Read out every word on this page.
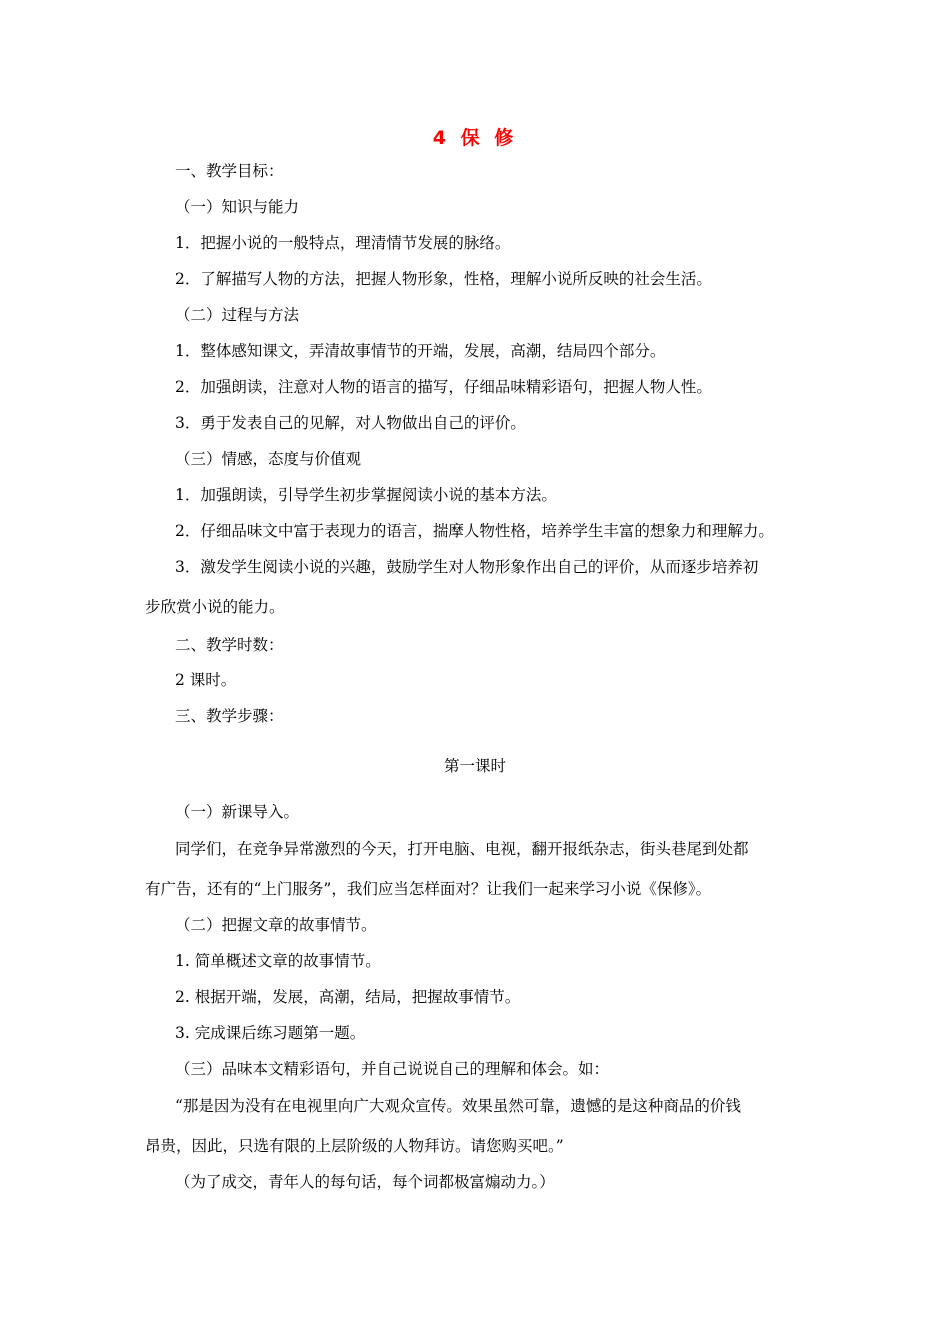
4 保 修
一、教学目标：
（一）知识与能力
1．把握小说的一般特点，理清情节发展的脉络。
2．了解描写人物的方法，把握人物形象，性格，理解小说所反映的社会生活。
（二）过程与方法
1．整体感知课文，弄清故事情节的开端，发展，高潮，结局四个部分。
2．加强朗读，注意对人物的语言的描写，仔细品味精彩语句，把握人物人性。
3．勇于发表自己的见解，对人物做出自己的评价。
（三）情感，态度与价值观
1．加强朗读，引导学生初步掌握阅读小说的基本方法。
2．仔细品味文中富于表现力的语言，揣摩人物性格，培养学生丰富的想象力和理解力。
3．激发学生阅读小说的兴趣，鼓励学生对人物形象作出自己的评价，从而逐步培养初
步欣赏小说的能力。
二、教学时数：
2 课时。
三、教学步骤：
第一课时
（一）新课导入。
同学们，在竞争异常激烈的今天，打开电脑、电视，翻开报纸杂志，街头巷尾到处都
有广告，还有的“上门服务”，我们应当怎样面对？让我们一起来学习小说《保修》。
（二）把握文章的故事情节。
1. 简单概述文章的故事情节。
2. 根据开端，发展，高潮，结局，把握故事情节。
3. 完成课后练习题第一题。
（三）品味本文精彩语句，并自己说说自己的理解和体会。如：
“那是因为没有在电视里向广大观众宣传。效果虽然可靠，遗憾的是这种商品的价钱
昂贵，因此，只选有限的上层阶级的人物拜访。请您购买吧。”
（为了成交，青年人的每句话，每个词都极富煽动力。）
